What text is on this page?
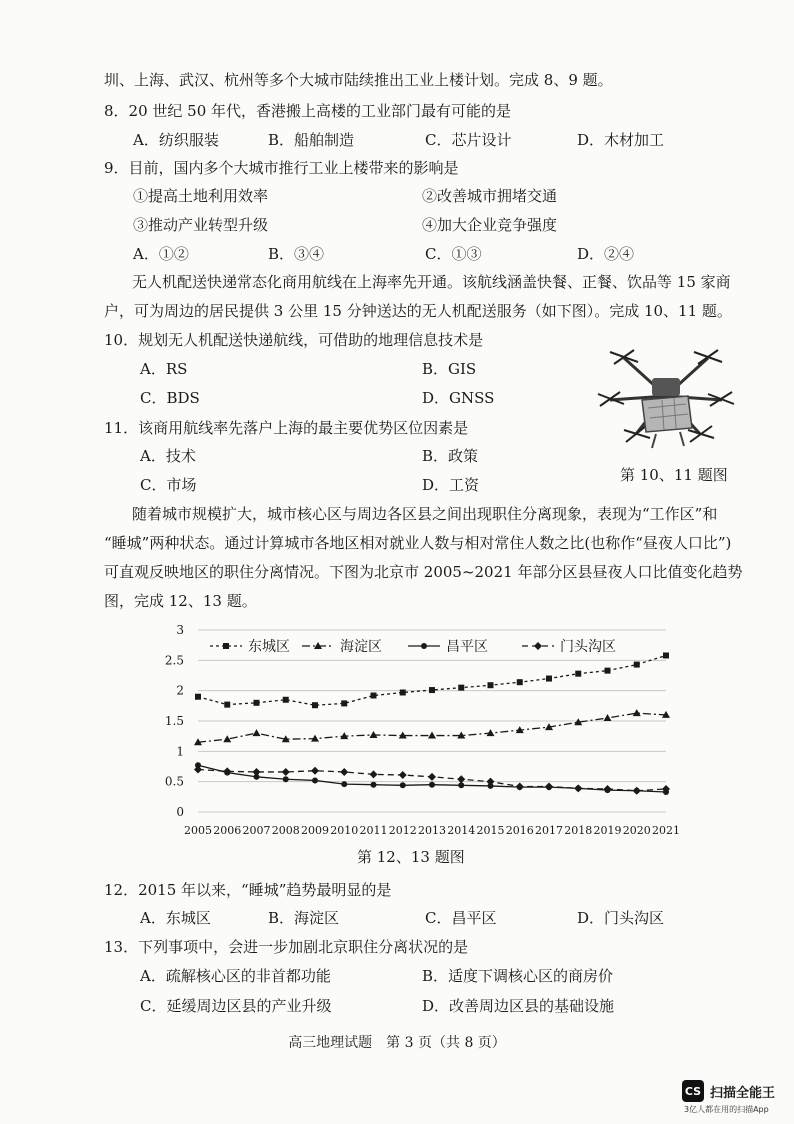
圳、上海、武汉、杭州等多个大城市陆续推出工业上楼计划。完成 8、9 题。
8．20 世纪 50 年代，香港搬上高楼的工业部门最有可能的是
A．纺织服装	B．船舶制造	C．芯片设计	D．木材加工
9．目前，国内多个大城市推行工业上楼带来的影响是
①提高土地利用效率	②改善城市拥堵交通
③推动产业转型升级	④加大企业竞争强度
A．①②	B．③④	C．①③	D．②④
无人机配送快递常态化商用航线在上海率先开通。该航线涵盖快餐、正餐、饮品等 15 家商
户，可为周边的居民提供 3 公里 15 分钟送达的无人机配送服务（如下图）。完成 10、11 题。
10．规划无人机配送快递航线，可借助的地理信息技术是
A．RS	B．GIS
C．BDS	D．GNSS
11．该商用航线率先落户上海的最主要优势区位因素是
A．技术	B．政策
C．市场	D．工资
第 10、11 题图
随着城市规模扩大，城市核心区与周边各区县之间出现职住分离现象，表现为“工作区”和
“睡城”两种状态。通过计算城市各地区相对就业人数与相对常住人数之比(也称作“昼夜人口比”)
可直观反映地区的职住分离情况。下图为北京市 2005~2021 年部分区县昼夜人口比值变化趋势
图，完成 12、13 题。
0
0.5
1
1.5
2
2.5
3
2005 2006 2007 2008 2009 2010 2011 2012 2013 2014 2015 2016 2017 2018 2019 2020 2021
东城区	海淀区	昌平区	门头沟区
第 12、13 题图
12．2015 年以来，“睡城”趋势最明显的是
A．东城区	B．海淀区	C．昌平区	D．门头沟区
13．下列事项中，会进一步加剧北京职住分离状况的是
A．疏解核心区的非首都功能	B．适度下调核心区的商房价
C．延缓周边区县的产业升级	D．改善周边区县的基础设施
高三地理试题　第 3 页（共 8 页）
CS 扫描全能王
3亿人都在用的扫描App
